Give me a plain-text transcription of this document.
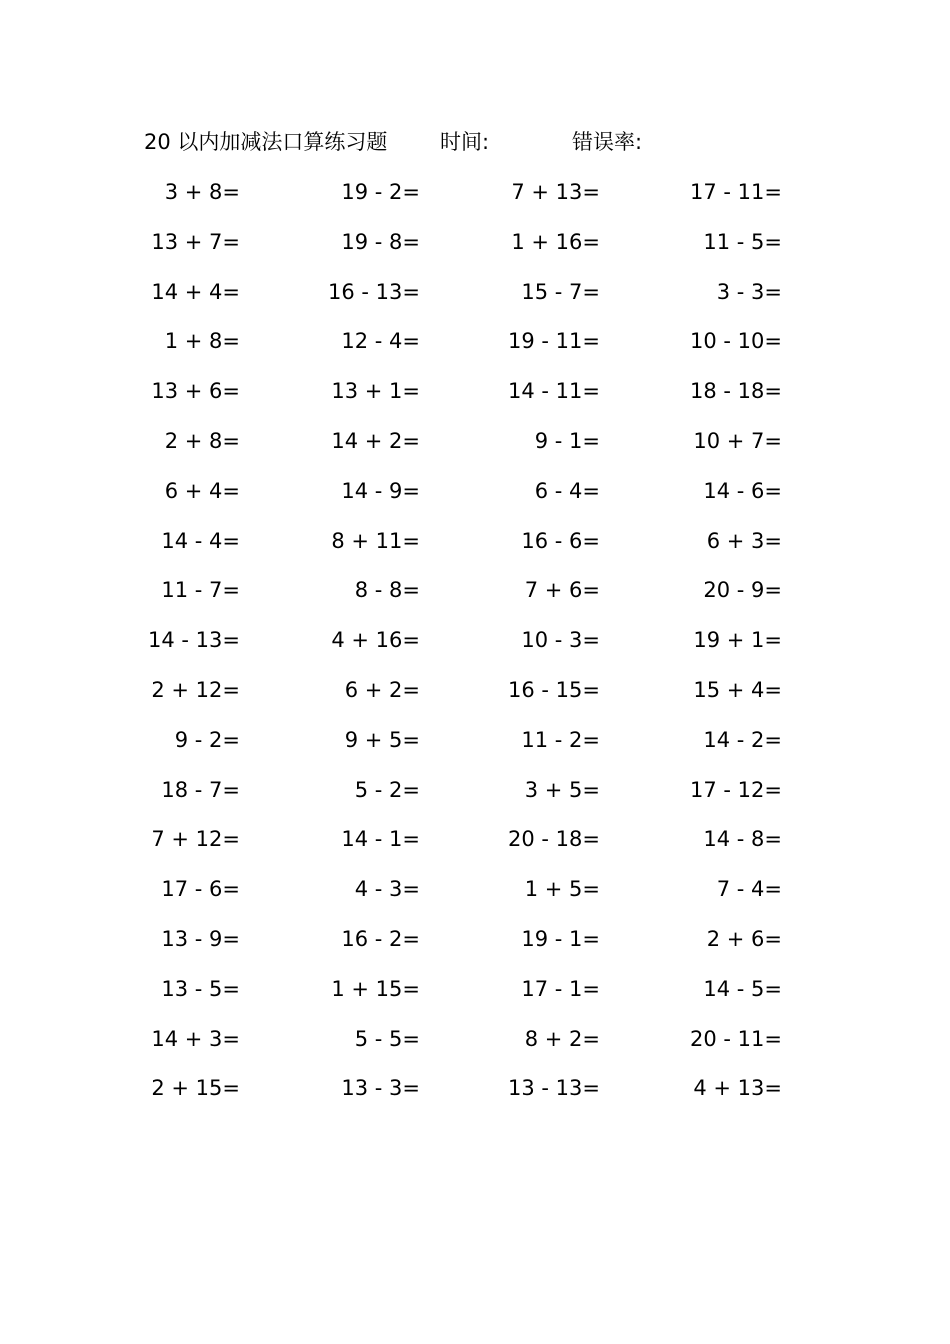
20 以内加减法口算练习题	时间:	错误率:
3 + 8=	19 - 2=	7 + 13=	17 - 11=
13 + 7=	19 - 8=	1 + 16=	11 - 5=
14 + 4=	16 - 13=	15 - 7=	3 - 3=
1 + 8=	12 - 4=	19 - 11=	10 - 10=
13 + 6=	13 + 1=	14 - 11=	18 - 18=
2 + 8=	14 + 2=	9 - 1=	10 + 7=
6 + 4=	14 - 9=	6 - 4=	14 - 6=
14 - 4=	8 + 11=	16 - 6=	6 + 3=
11 - 7=	8 - 8=	7 + 6=	20 - 9=
14 - 13=	4 + 16=	10 - 3=	19 + 1=
2 + 12=	6 + 2=	16 - 15=	15 + 4=
9 - 2=	9 + 5=	11 - 2=	14 - 2=
18 - 7=	5 - 2=	3 + 5=	17 - 12=
7 + 12=	14 - 1=	20 - 18=	14 - 8=
17 - 6=	4 - 3=	1 + 5=	7 - 4=
13 - 9=	16 - 2=	19 - 1=	2 + 6=
13 - 5=	1 + 15=	17 - 1=	14 - 5=
14 + 3=	5 - 5=	8 + 2=	20 - 11=
2 + 15=	13 - 3=	13 - 13=	4 + 13=
